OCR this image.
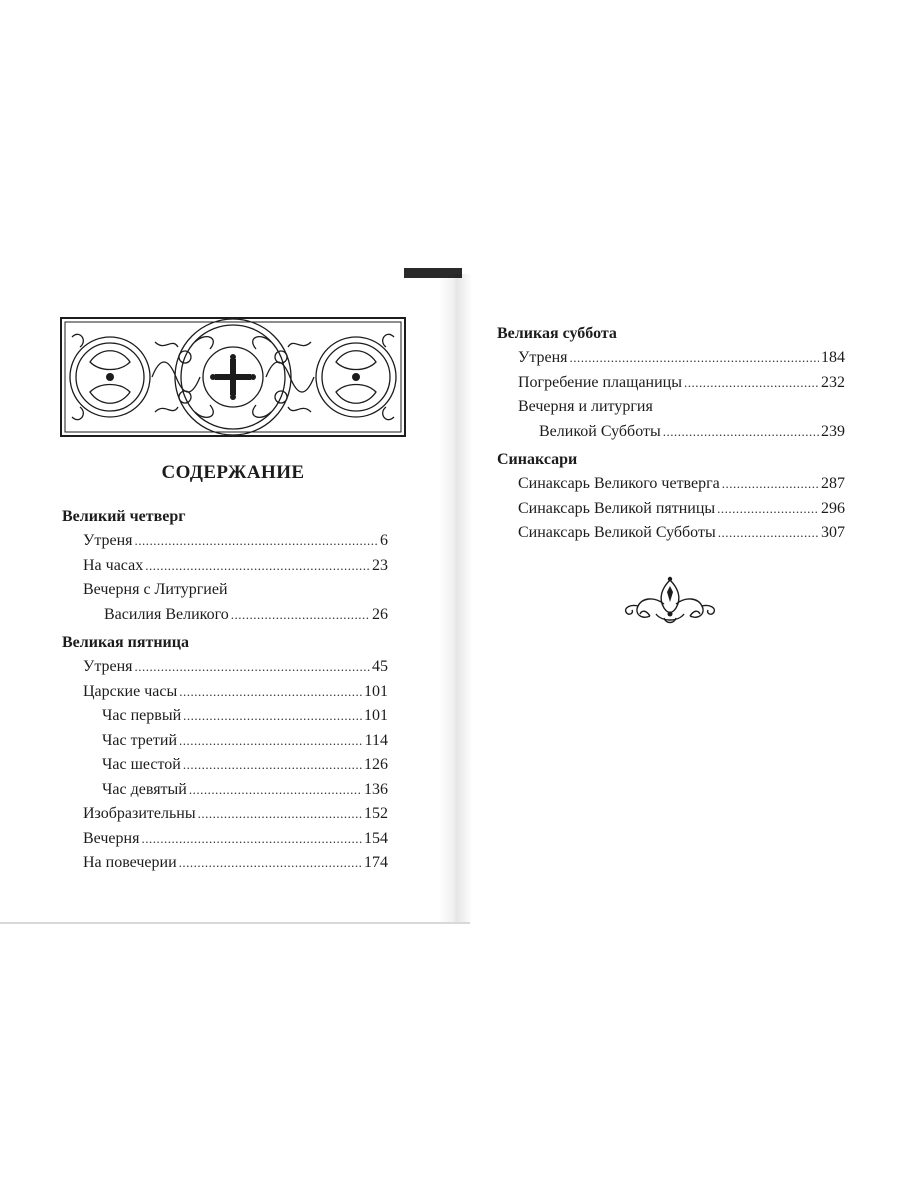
СОДЕРЖАНИЕ
Великий четверг
Утреня .....	6
На часах .....	23
Вечерня с Литургией
Василия Великого .....	26
Великая пятница
Утреня .....	45
Царские часы .....	101
Час первый .....	101
Час третий .....	114
Час шестой .....	126
Час девятый .....	136
Изобразительны .....	152
Вечерня .....	154
На повечерии .....	174
Великая суббота
Утреня .....	184
Погребение плащаницы .....	232
Вечерня и литургия
Великой Субботы .....	239
Синаксари
Синаксарь Великого четверга .....	287
Синаксарь Великой пятницы .....	296
Синаксарь Великой Субботы .....	307
